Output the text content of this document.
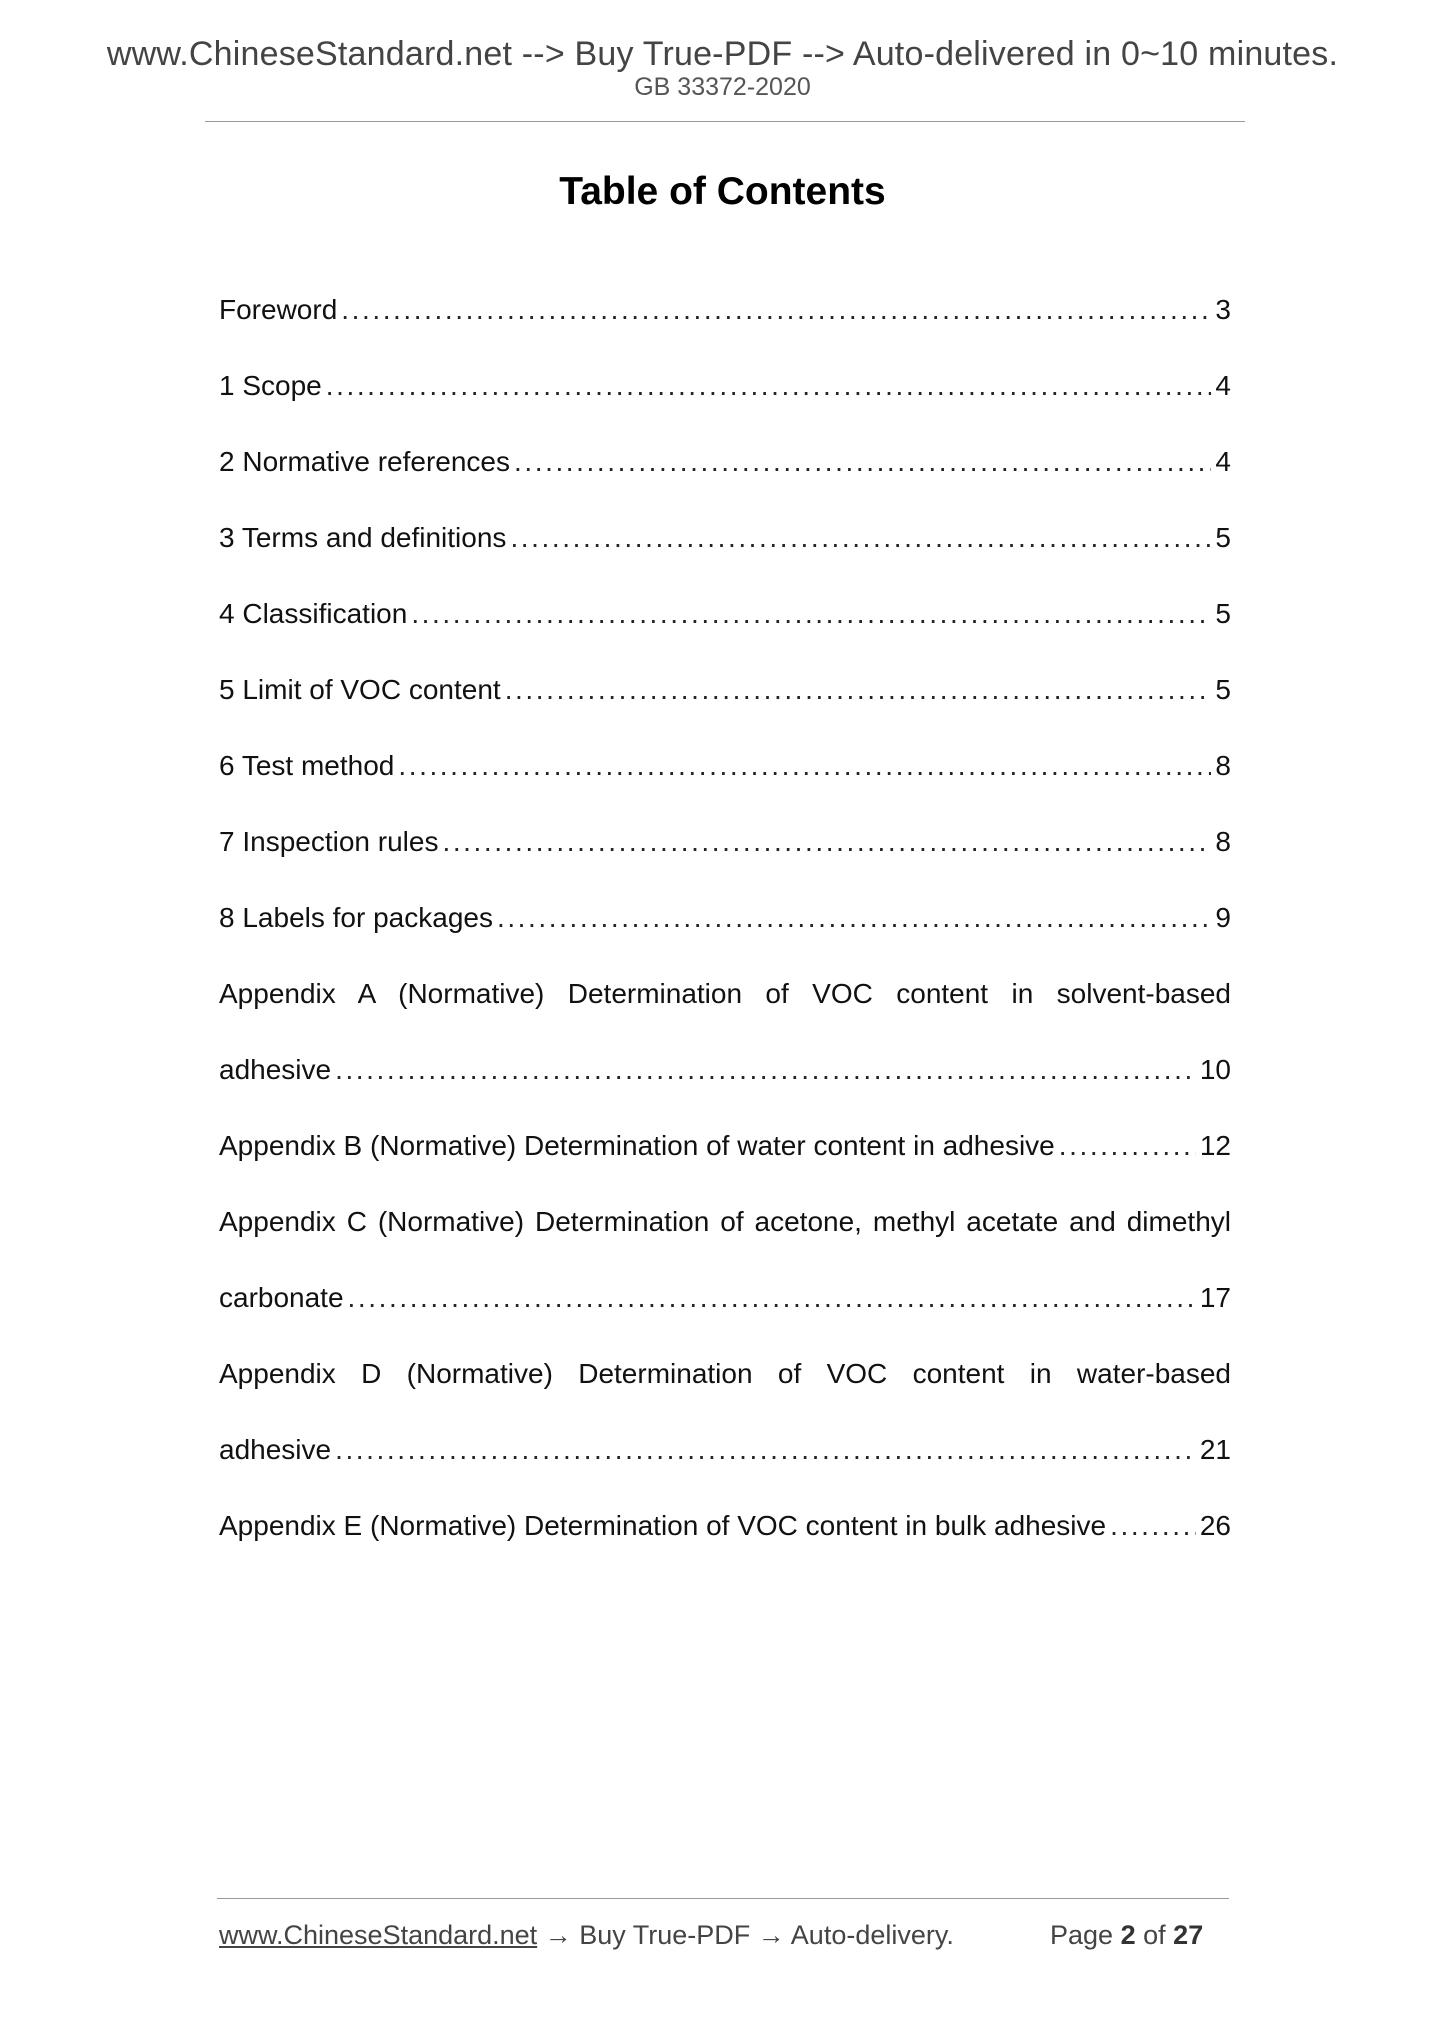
www.ChineseStandard.net --> Buy True-PDF --> Auto-delivered in 0~10 minutes.
GB 33372-2020
Table of Contents
Foreword . . .	3
1 Scope . . .	4
2 Normative references . . .	4
3 Terms and definitions . . .	5
4 Classification . . .	5
5 Limit of VOC content . . .	5
6 Test method . . .	8
7 Inspection rules . . .	8
8 Labels for packages . . .	9
Appendix A (Normative) Determination of VOC content in solvent-based
adhesive . . .	10
Appendix B (Normative) Determination of water content in adhesive . . .	12
Appendix C (Normative) Determination of acetone, methyl acetate and dimethyl
carbonate . . .	17
Appendix D (Normative) Determination of VOC content in water-based
adhesive . . .	21
Appendix E (Normative) Determination of VOC content in bulk adhesive . . .	26
www.ChineseStandard.net → Buy True-PDF → Auto-delivery.	Page 2 of 27
